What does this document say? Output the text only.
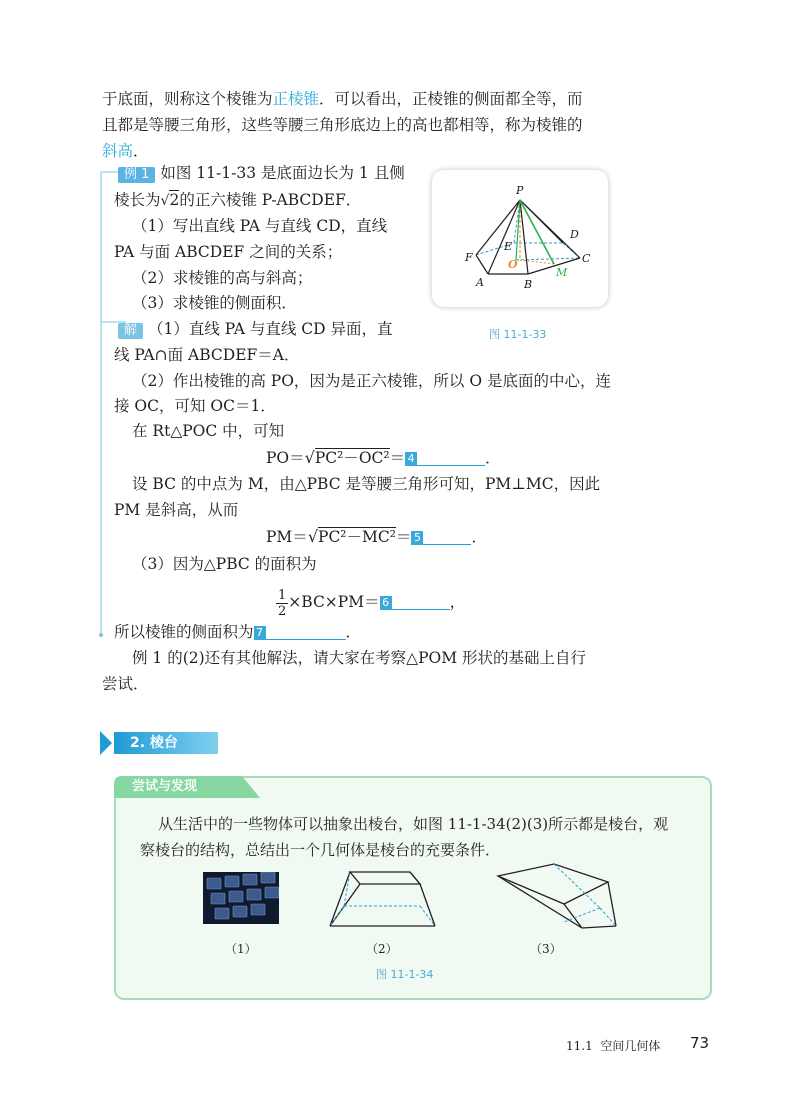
于底面，则称这个棱锥为正棱锥．可以看出，正棱锥的侧面都全等，而
且都是等腰三角形，这些等腰三角形底边上的高也都相等，称为棱锥的
斜高．
例 1 如图 11-1-33 是底面边长为 1 且侧
棱长为√2的正六棱锥 P-ABCDEF．
（1）写出直线 PA 与直线 CD，直线
PA 与面 ABCDEF 之间的关系；
（2）求棱锥的高与斜高；
（3）求棱锥的侧面积．
P
D
E
F	C
O
M
A	B
图 11-1-33
解 （1）直线 PA 与直线 CD 异面，直
线 PA∩面 ABCDEF＝A．
（2）作出棱锥的高 PO，因为是正六棱锥，所以 O 是底面的中心，连
接 OC，可知 OC＝1．
在 Rt△POC 中，可知
PO＝√PC²－OC²＝ 4	．
设 BC 的中点为 M，由△PBC 是等腰三角形可知，PM⊥MC，因此
PM 是斜高，从而
PM＝√PC²－MC²＝ 5	．
（3）因为△PBC 的面积为
$\frac{1}{2} \times BC\times PM= 6$	，
所以棱锥的侧面积为 7	．
例 1 的(2)还有其他解法，请大家在考察△POM 形状的基础上自行
尝试．
2. 棱台
尝试与发现
从生活中的一些物体可以抽象出棱台，如图 11-1-34(2)(3)所示都是棱台，观
察棱台的结构，总结出一个几何体是棱台的充要条件．
（1）	（2）	（3）
图 11-1-34
11.1 空间几何体 73
